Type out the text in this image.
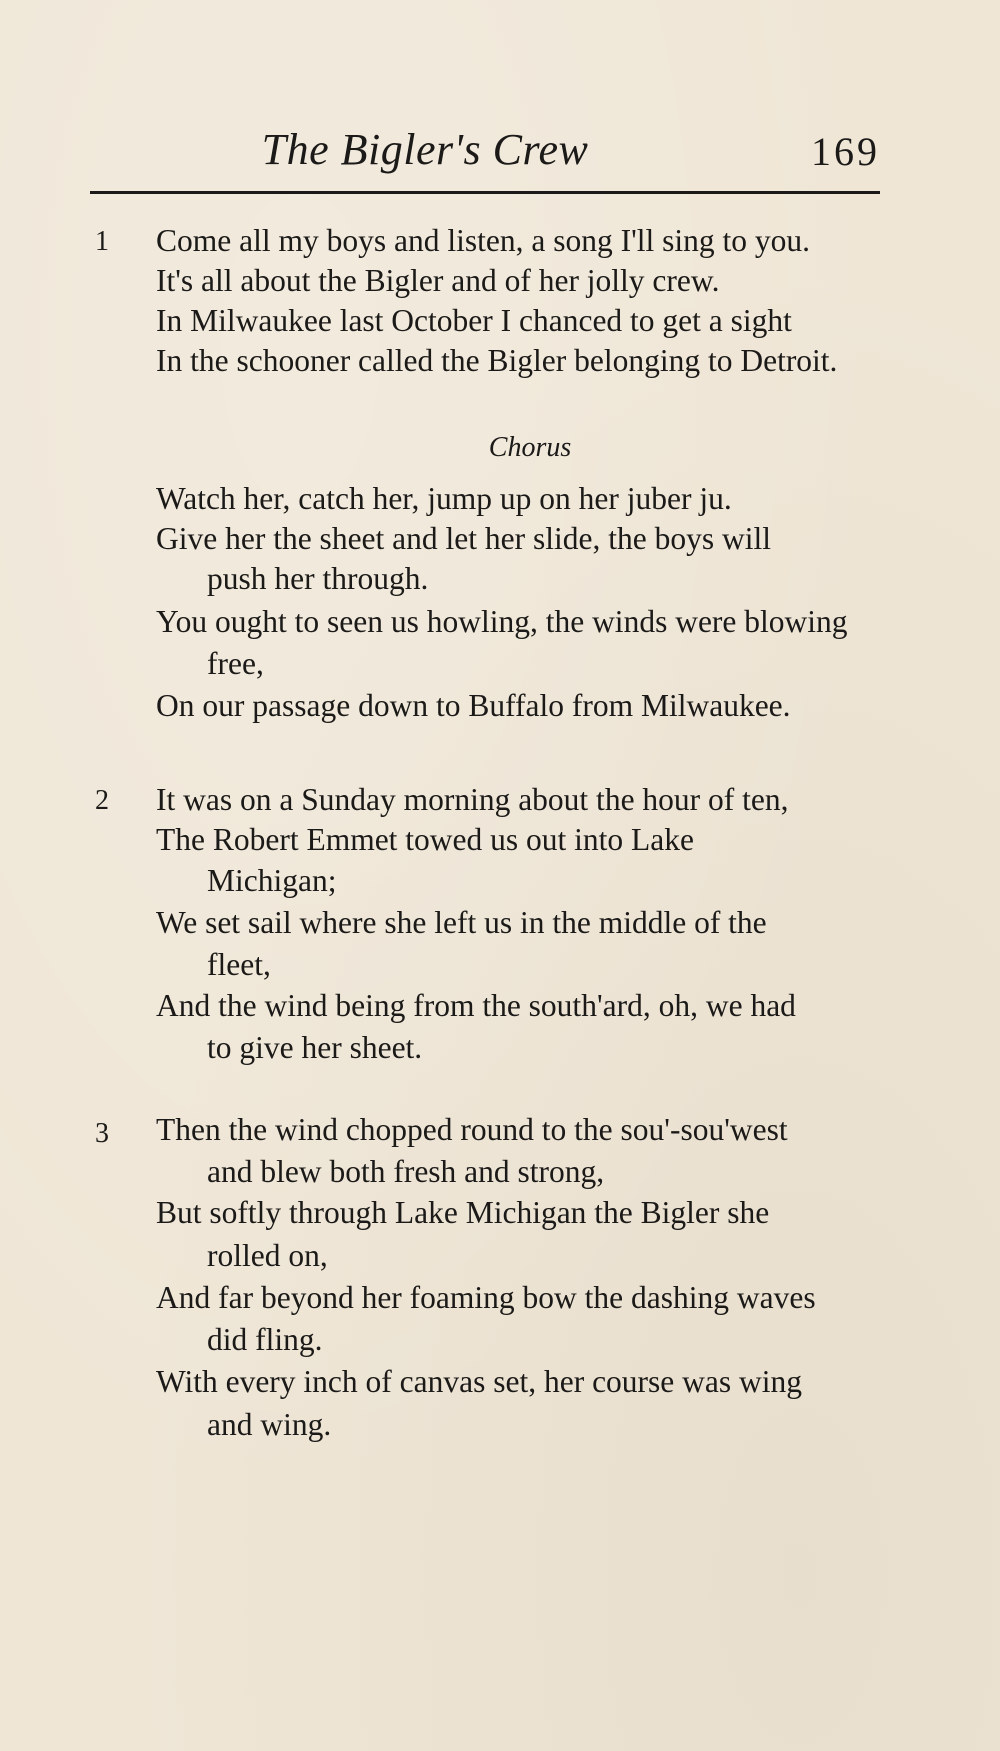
The Bigler's Crew	169
1 Come all my boys and listen, a song I'll sing to you.
It's all about the Bigler and of her jolly crew.
In Milwaukee last October I chanced to get a sight
In the schooner called the Bigler belonging to Detroit.
Chorus
Watch her, catch her, jump up on her juber ju.
Give her the sheet and let her slide, the boys will
push her through.
You ought to seen us howling, the winds were blowing
free,
On our passage down to Buffalo from Milwaukee.
2 It was on a Sunday morning about the hour of ten,
The Robert Emmet towed us out into Lake
Michigan;
We set sail where she left us in the middle of the
fleet,
And the wind being from the south'ard, oh, we had
to give her sheet.
3 Then the wind chopped round to the sou'-sou'west
and blew both fresh and strong,
But softly through Lake Michigan the Bigler she
rolled on,
And far beyond her foaming bow the dashing waves
did fling.
With every inch of canvas set, her course was wing
and wing.
